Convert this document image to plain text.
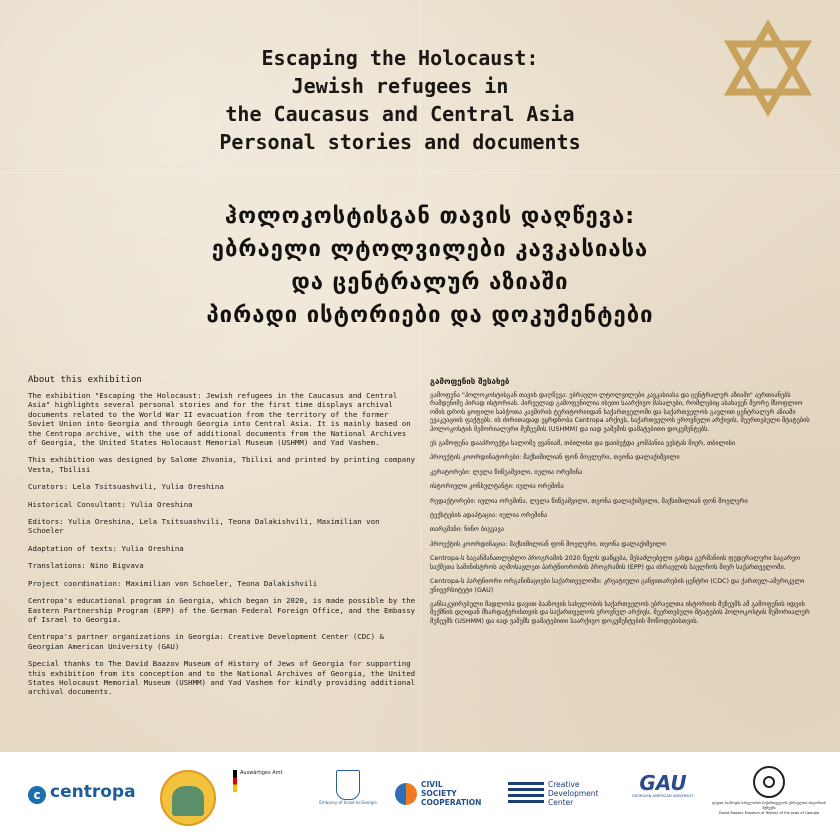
Escaping the Holocaust:
Jewish refugees in
the Caucasus and Central Asia
Personal stories and documents
ჰოლოკოსტისგან თავის დაღწევა:
ებრაელი ლტოლვილები კავკასიასა
და ცენტრალურ აზიაში
პირადი ისტორიები და დოკუმენტები
About this exhibition

The exhibition "Escaping the Holocaust: Jewish refugees in the Caucasus and Central Asia" highlights several personal stories and for the first time displays archival documents related to the World War II evacuation from the territory of the former Soviet Union into Georgia and through Georgia into Central Asia. It is mainly based on the Centropa archive, with the use of additional documents from the National Archives of Georgia, the United States Holocaust Memorial Museum (USHMM) and Yad Vashem.

This exhibition was designed by Salome Zhvania, Tbilisi and printed by printing company Vesta, Tbilisi

Curators: Lela Tsitsuashvili, Yulia Oreshina

Historical Consultant: Yulia Oreshina

Editors: Yulia Oreshina, Lela Tsitsuashvili, Teona Dalakishvili, Maximilian von Schoeler

Adaptation of texts: Yulia Oreshina

Translations: Nino Bigvava

Project coordination: Maximilian von Schoeler, Teona Dalakishvili

Centropa's educational program in Georgia, which began in 2020, is made possible by the Eastern Partnership Program (EPP) of the German Federal Foreign Office, and the Embassy of Israel to Georgia.

Centropa's partner organizations in Georgia: Creative Development Center (CDC) & Georgian American University (GAU)

Special thanks to The David Baazov Museum of History of Jews of Georgia for supporting this exhibition from its conception and to the National Archives of Georgia, the United States Holocaust Memorial Museum (USHMM) and Yad Vashem for kindly providing additional archival documents.

გამოფენის შესახებ

გამოფენა "ჰოლოკოსტისგან თავის დაღწევა: ებრაელი ლტოლვილები კავკასიასა და ცენტრალურ აზიაში" აერთიანებს რამდენიმე პირად ისტორიას. პირველად გამოფენილია ისეთი საარქივო მასალები, რომლებიც ასახავენ მეორე მსოფლიო ომის დროს ყოფილი საბჭოთა კავშირის ტერიტორიიდან საქართველოში და საქართველოს გავლით ცენტრალურ აზიაში ევაკუაციის ფაქტებს. ის ძირითადად ეყრდნობა Centropa არქივს, საქართველოს ეროვნული არქივის, შეერთებული შტატების ჰოლოკოსტის მემორიალური მუზეუმის (USHMM) და იად ვაშემის დამატებითი დოკუმენტებს.

ეს გამოფენა დააპროექტა სალომე ჟვანიამ, თბილისი და დაიბეჭდა კომპანია ვესტას მიერ, თბილისი

პროექტის კოორდინატორები: მაქსიმილიან ფონ შოელერი, თეონა დალაქიშვილი

კურატორები: ლელა წიწუაშვილი, იულია ორეშინა

ისტორიული კონსულტანტი: იულია ორეშინა

რედაქტორები: იულია ორეშინა, ლელა წიწუაშვილი, თეონა დალაქიშვილი, მაქსიმილიან ფონ შოელერი

ტექსტების ადაპტაცია: იულია ორეშინა

თარგმანი: ნინო ბიგვავა

პროექტის კოორდინაცია: მაქსიმილიან ფონ შოელერი, თეონა დალაქიშვილი

Centropa-ს საგანმანათლებლო პროგრამის 2020 წელს დაწყება, შესაძლებელი გახდა გერმანიის ფედერალური საგარეო საქმეთა სამინისტროს აღმოსავლეთ პარტნიორობის პროგრამის (EPP) და ისრაელის საელჩოს მიერ საქართველოში.

Centropa-ს პარტნიორი ორგანიზაციები საქართველოში: კრეატიული განვითარების ცენტრი (CDC) და ქართულ-ამერიკული უნივერსიტეტი (GAU)

განსაკუთრებული მადლობა დავით ბააზოვის სახელობის საქართველოს ებრაელთა ისტორიის მუზეუმს ამ გამოფენის იდეის შექმნის დღიდან მხარდაჭერისთვის და საქართველოს ეროვნულ არქივს, შეერთებული შტატების ჰოლოკოსტის მემორიალურ მუზეუმს (USHMM) და იად ვაშემს დამატებითი საარქივო დოკუმენტების მოწოდებისთვის.

c centropa
Auswärtiges Amt
Embassy of Israel to Georgia
CIVIL
SOCIETY
COOPERATION
Creative
Development
Center
GAU
GEORGIAN AMERICAN UNIVERSITY
დავით ბააზოვის სახელობის საქართველოს ებრაელთა ისტორიის მუზეუმი
David Baazov Museum of History of the Jews of Georgia
